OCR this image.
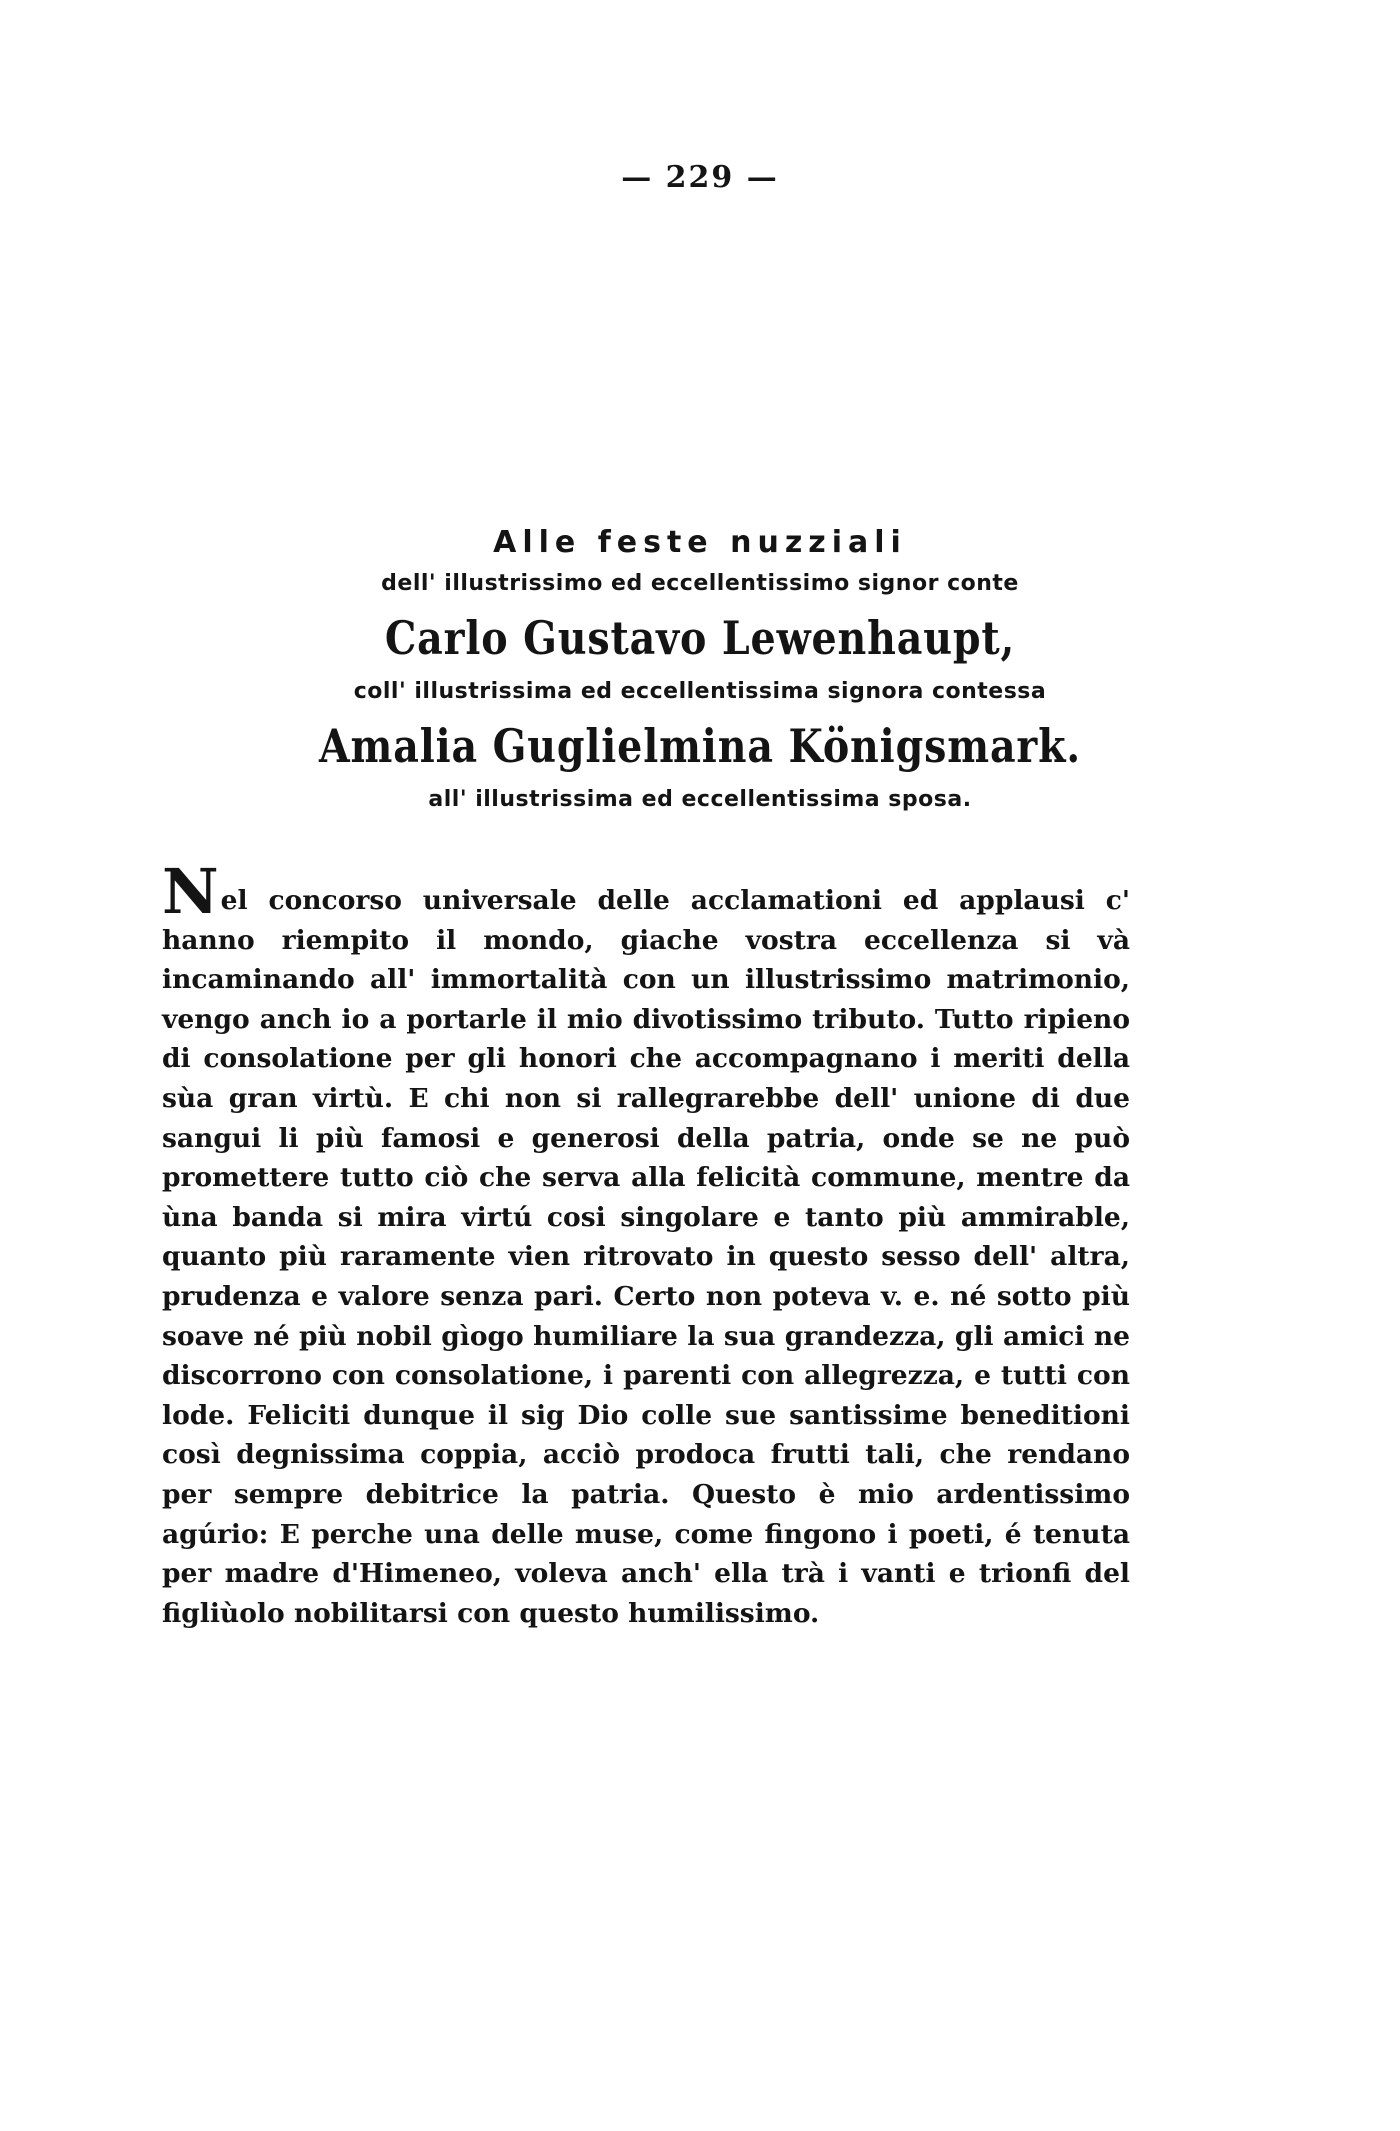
— 229 —
Alle feste nuzziali
dell' illustrissimo ed eccellentissimo signor conte
Carlo Gustavo Lewenhaupt,
coll' illustrissima ed eccellentissima signora contessa
Amalia Guglielmina Königsmark.
all' illustrissima ed eccellentissima sposa.

Nel concorso universale delle acclamationi ed applausi c' hanno riempito il mondo, giache vostra eccellenza si và incaminando all' immortalità con un illustrissimo matrimonio, vengo anch io a portarle il mio divotissimo tributo. Tutto ripieno di consolatione per gli honori che accompagnano i meriti della sùa gran virtù. E chi non si rallegrarebbe dell' unione di due sangui li più famosi e generosi della patria, onde se ne può promettere tutto ciò che serva alla felicità commune, mentre da ùna banda si mira virtú cosi singolare e tanto più ammirable, quanto più raramente vien ritrovato in questo sesso dell' altra, prudenza e valore senza pari. Certo non poteva v. e. né sotto più soave né più nobil gìogo humiliare la sua grandezza, gli amici ne discorrono con consolatione, i parenti con allegrezza, e tutti con lode. Feliciti dunque il sig Dio colle sue santissime beneditioni così degnissima coppia, acciò prodoca frutti tali, che rendano per sempre debitrice la patria. Questo è mio ardentissimo agúrio: E perche una delle muse, come fingono i poeti, é tenuta per madre d'Himeneo, voleva anch' ella trà i vanti e trionfi del figliùolo nobilitarsi con questo humilissimo.
